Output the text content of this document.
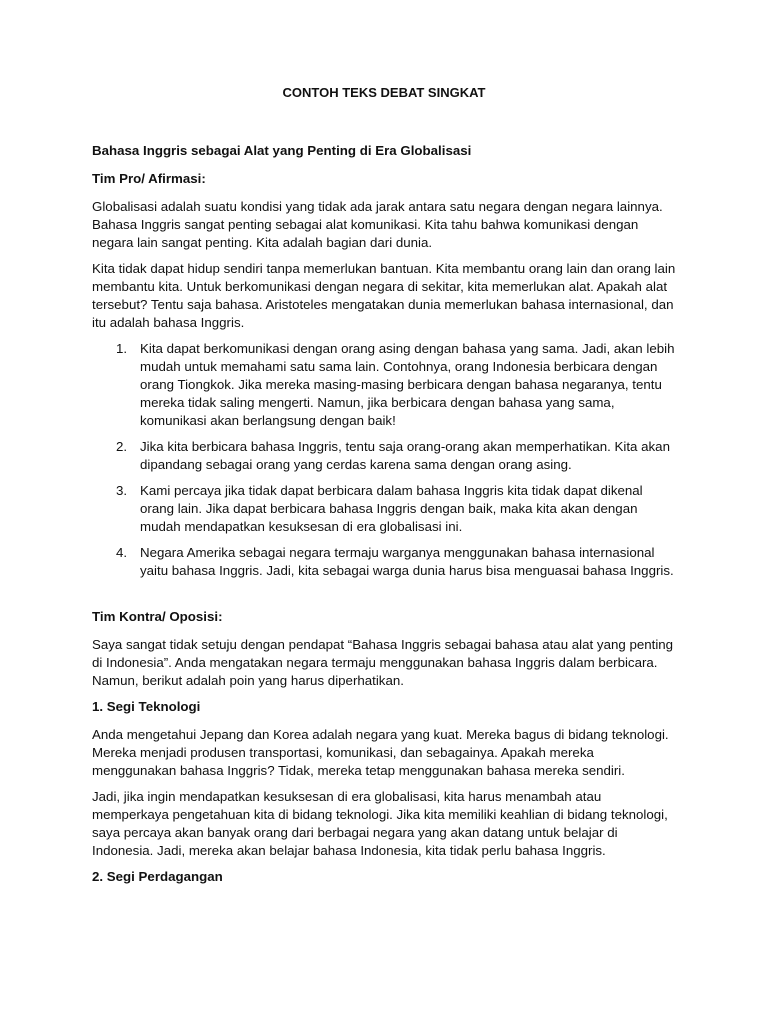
CONTOH TEKS DEBAT SINGKAT
Bahasa Inggris sebagai Alat yang Penting di Era Globalisasi
Tim Pro/ Afirmasi:

Globalisasi adalah suatu kondisi yang tidak ada jarak antara satu negara dengan negara lainnya. Bahasa Inggris sangat penting sebagai alat komunikasi. Kita tahu bahwa komunikasi dengan negara lain sangat penting. Kita adalah bagian dari dunia.

Kita tidak dapat hidup sendiri tanpa memerlukan bantuan. Kita membantu orang lain dan orang lain membantu kita. Untuk berkomunikasi dengan negara di sekitar, kita memerlukan alat. Apakah alat tersebut? Tentu saja bahasa. Aristoteles mengatakan dunia memerlukan bahasa internasional, dan itu adalah bahasa Inggris.

1. Kita dapat berkomunikasi dengan orang asing dengan bahasa yang sama. Jadi, akan lebih mudah untuk memahami satu sama lain. Contohnya, orang Indonesia berbicara dengan orang Tiongkok. Jika mereka masing-masing berbicara dengan bahasa negaranya, tentu mereka tidak saling mengerti. Namun, jika berbicara dengan bahasa yang sama, komunikasi akan berlangsung dengan baik!
2. Jika kita berbicara bahasa Inggris, tentu saja orang-orang akan memperhatikan. Kita akan dipandang sebagai orang yang cerdas karena sama dengan orang asing.
3. Kami percaya jika tidak dapat berbicara dalam bahasa Inggris kita tidak dapat dikenal orang lain. Jika dapat berbicara bahasa Inggris dengan baik, maka kita akan dengan mudah mendapatkan kesuksesan di era globalisasi ini.
4. Negara Amerika sebagai negara termaju warganya menggunakan bahasa internasional yaitu bahasa Inggris. Jadi, kita sebagai warga dunia harus bisa menguasai bahasa Inggris.
Tim Kontra/ Oposisi:

Saya sangat tidak setuju dengan pendapat “Bahasa Inggris sebagai bahasa atau alat yang penting di Indonesia”. Anda mengatakan negara termaju menggunakan bahasa Inggris dalam berbicara. Namun, berikut adalah poin yang harus diperhatikan.

1. Segi Teknologi

Anda mengetahui Jepang dan Korea adalah negara yang kuat. Mereka bagus di bidang teknologi. Mereka menjadi produsen transportasi, komunikasi, dan sebagainya. Apakah mereka menggunakan bahasa Inggris? Tidak, mereka tetap menggunakan bahasa mereka sendiri.

Jadi, jika ingin mendapatkan kesuksesan di era globalisasi, kita harus menambah atau memperkaya pengetahuan kita di bidang teknologi. Jika kita memiliki keahlian di bidang teknologi, saya percaya akan banyak orang dari berbagai negara yang akan datang untuk belajar di Indonesia. Jadi, mereka akan belajar bahasa Indonesia, kita tidak perlu bahasa Inggris.

2. Segi Perdagangan
